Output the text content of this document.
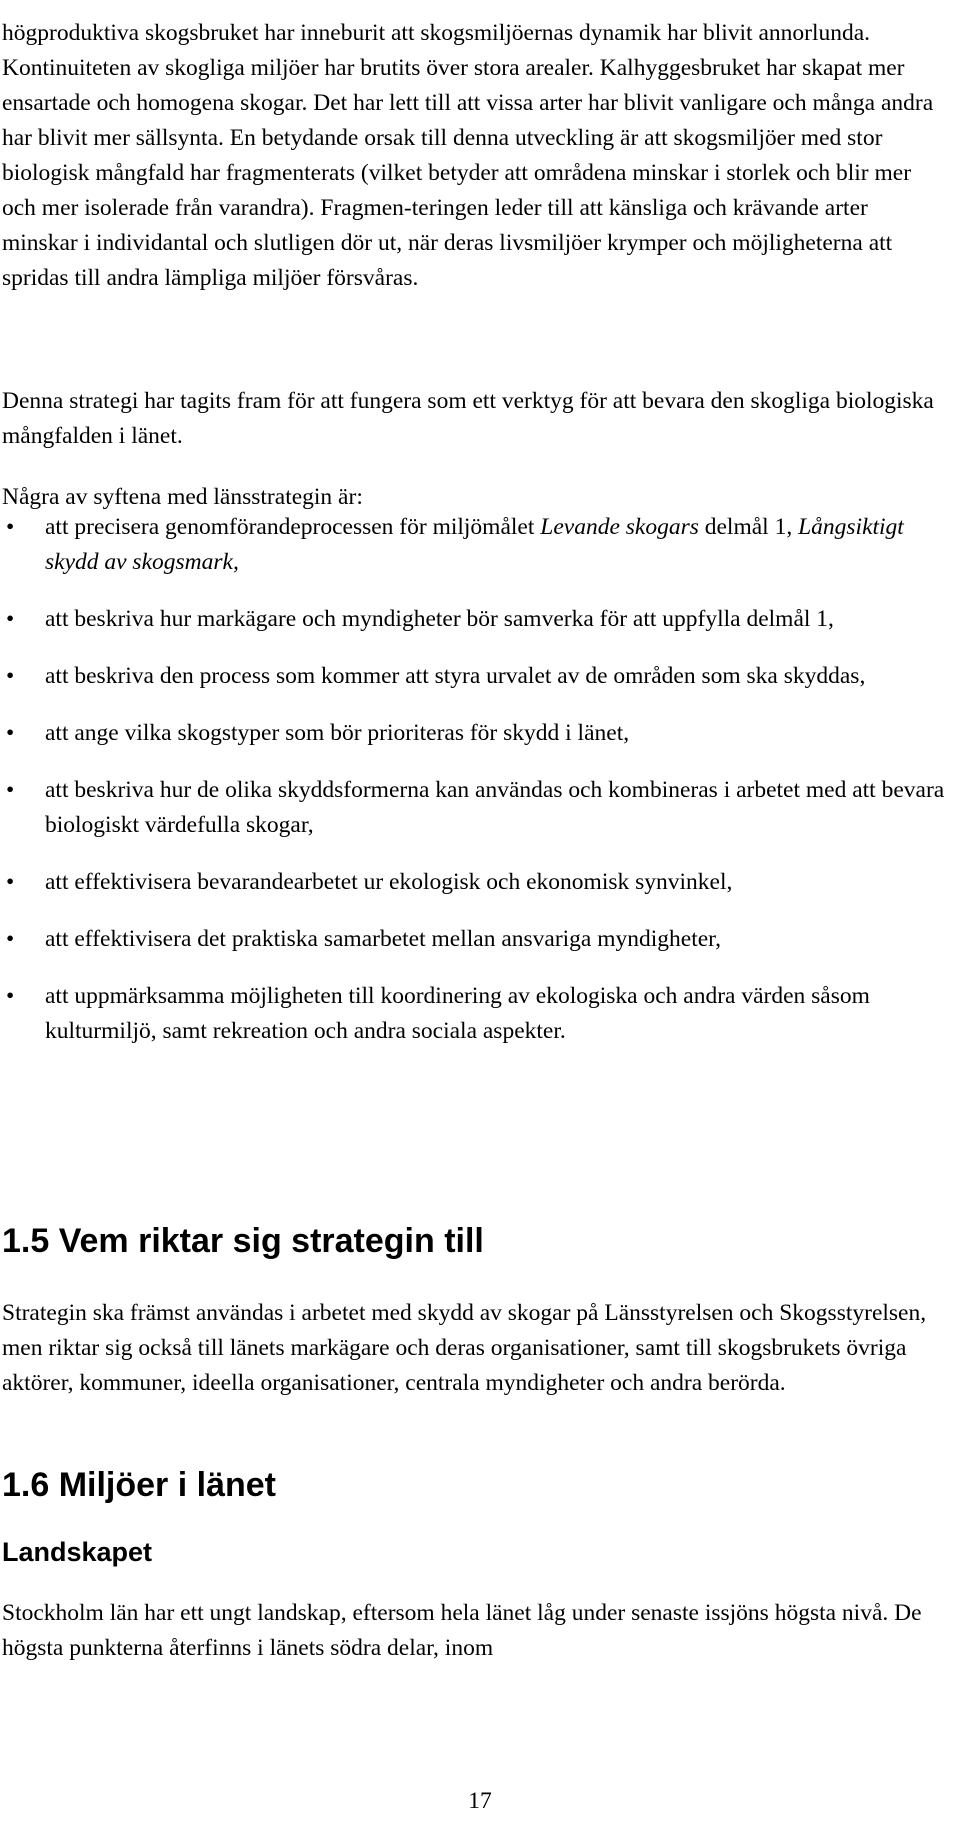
högproduktiva skogsbruket har inneburit att skogsmiljöernas dynamik har blivit annorlunda. Kontinuiteten av skogliga miljöer har brutits över stora arealer. Kalhyggesbruket har skapat mer ensartade och homogena skogar. Det har lett till att vissa arter har blivit vanligare och många andra har blivit mer sällsynta. En betydande orsak till denna utveckling är att skogsmiljöer med stor biologisk mångfald har fragmenterats (vilket betyder att områdena minskar i storlek och blir mer och mer isolerade från varandra). Fragmen-teringen leder till att känsliga och krävande arter minskar i individantal och slutligen dör ut, när deras livsmiljöer krymper och möjligheterna att spridas till andra lämpliga miljöer försvåras.

Denna strategi har tagits fram för att fungera som ett verktyg för att bevara den skogliga biologiska mångfalden i länet.

Några av syftena med länsstrategin är:

• att precisera genomförandeprocessen för miljömålet Levande skogars delmål 1, Långsiktigt skydd av skogsmark,
• att beskriva hur markägare och myndigheter bör samverka för att uppfylla delmål 1,
• att beskriva den process som kommer att styra urvalet av de områden som ska skyddas,
• att ange vilka skogstyper som bör prioriteras för skydd i länet,
• att beskriva hur de olika skyddsformerna kan användas och kombineras i arbetet med att bevara biologiskt värdefulla skogar,
• att effektivisera bevarandearbetet ur ekologisk och ekonomisk synvinkel,
• att effektivisera det praktiska samarbetet mellan ansvariga myndigheter,
• att uppmärksamma möjligheten till koordinering av ekologiska och andra värden såsom kulturmiljö, samt rekreation och andra sociala aspekter.
1.5 Vem riktar sig strategin till

Strategin ska främst användas i arbetet med skydd av skogar på Länsstyrelsen och Skogsstyrelsen, men riktar sig också till länets markägare och deras organisationer, samt till skogsbrukets övriga aktörer, kommuner, ideella organisationer, centrala myndigheter och andra berörda.

1.6 Miljöer i länet
Landskapet

Stockholm län har ett ungt landskap, eftersom hela länet låg under senaste issjöns högsta nivå. De högsta punkterna återfinns i länets södra delar, inom

17
